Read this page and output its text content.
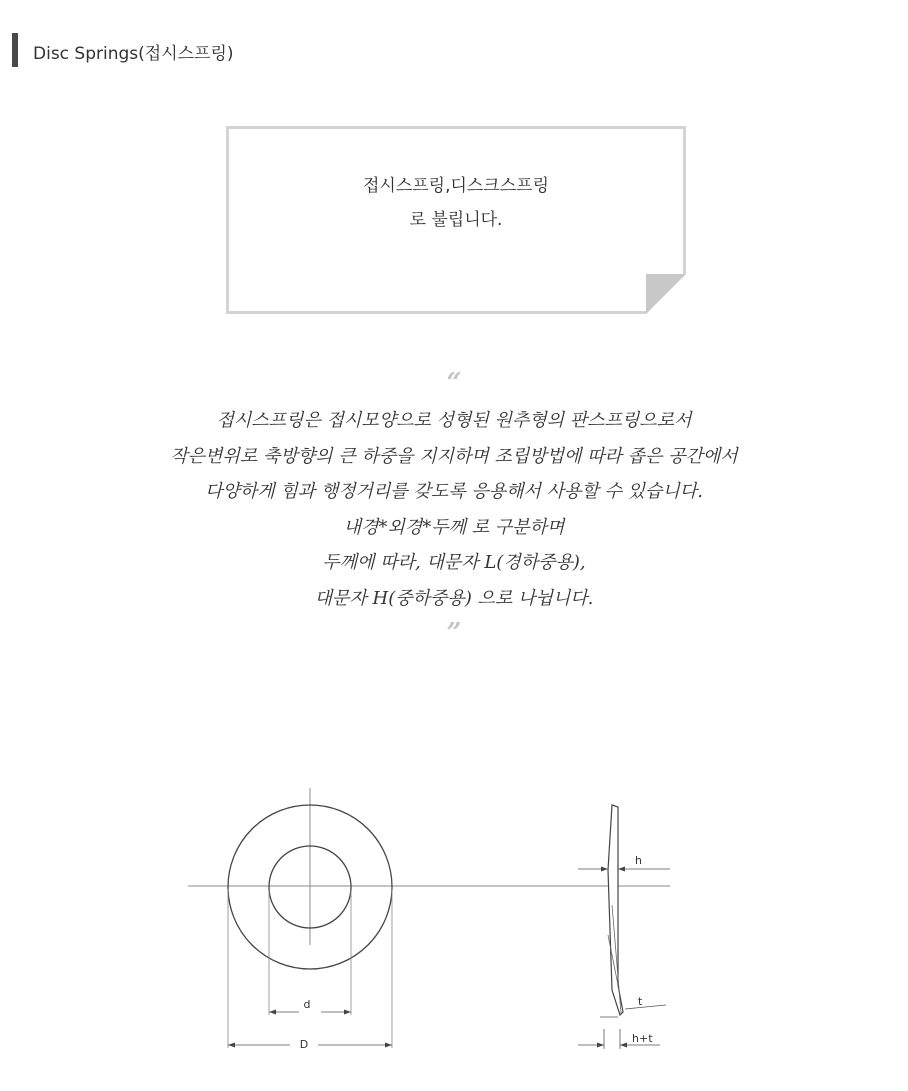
Disc Springs(접시스프링)
접시스프링,디스크스프링
로 불립니다.
“
접시스프링은 접시모양으로 성형된 원추형의 판스프링으로서
작은변위로 축방향의 큰 하중을 지지하며 조립방법에 따라 좁은 공간에서
다양하게 힘과 행정거리를 갖도록 응용해서 사용할 수 있습니다.
내경*외경*두께 로 구분하며
두께에 따라, 대문자 L(경하중용),
대문자 H(중하중용) 으로 나뉩니다.
”
d
D
h
t
h+t
